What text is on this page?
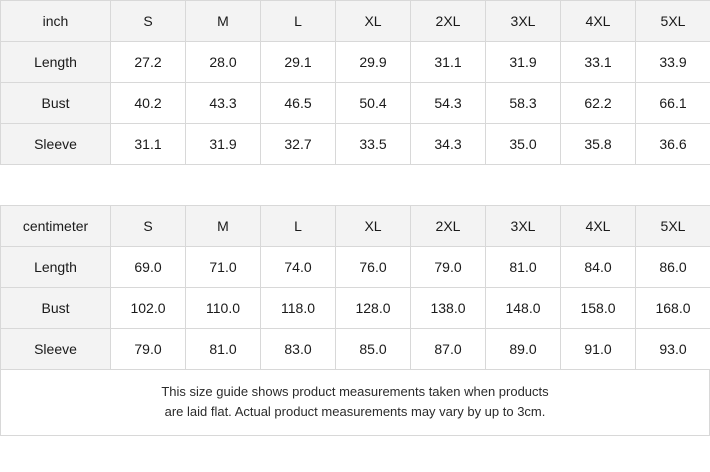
inch	S	M	L	XL	2XL	3XL	4XL	5XL
Length	27.2	28.0	29.1	29.9	31.1	31.9	33.1	33.9
Bust	40.2	43.3	46.5	50.4	54.3	58.3	62.2	66.1
Sleeve	31.1	31.9	32.7	33.5	34.3	35.0	35.8	36.6
centimeter	S	M	L	XL	2XL	3XL	4XL	5XL
Length	69.0	71.0	74.0	76.0	79.0	81.0	84.0	86.0
Bust	102.0	110.0	118.0	128.0	138.0	148.0	158.0	168.0
Sleeve	79.0	81.0	83.0	85.0	87.0	89.0	91.0	93.0
This size guide shows product measurements taken when products
are laid flat. Actual product measurements may vary by up to 3cm.
